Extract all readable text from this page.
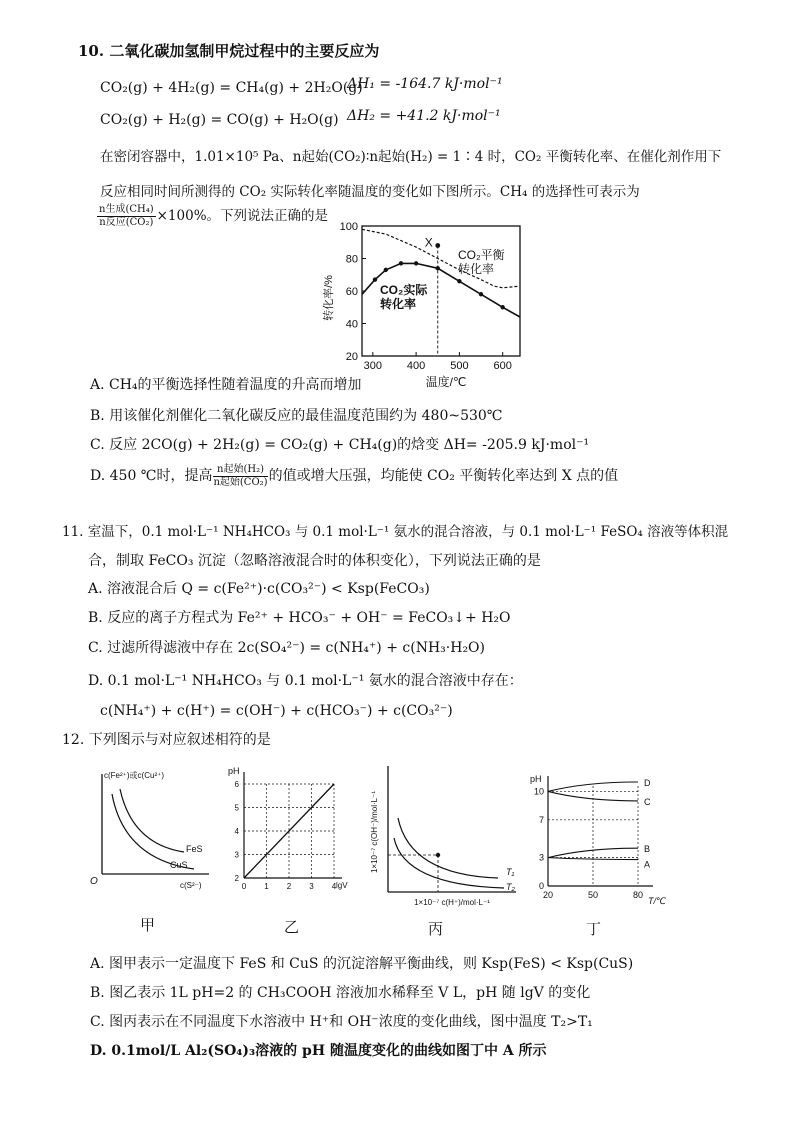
10. 二氧化碳加氢制甲烷过程中的主要反应为
CO₂(g) + 4H₂(g) = CH₄(g) + 2H₂O(g)
ΔH₁ = -164.7 kJ·mol⁻¹
CO₂(g) + H₂(g) = CO(g) + H₂O(g) ΔH₂ = +41.2 kJ·mol⁻¹
在密闭容器中，1.01×10⁵ Pa、n起始(CO₂)∶n起始(H₂) = 1∶4 时，CO₂ 平衡转化率、在催化剂作用下
反应相同时间所测得的 CO₂ 实际转化率随温度的变化如下图所示。CH₄ 的选择性可表示为
n生成(CH₄)
n反应(CO₂) ×100%。下列说法正确的是
20
40
60
80
100
300 400 500 600
X
转化率/%
温度/℃
CO₂平衡
转化率
CO₂实际
转化率
A. CH₄的平衡选择性随着温度的升高而增加
B. 用该催化剂催化二氧化碳反应的最佳温度范围约为 480~530℃
C. 反应 2CO(g) + 2H₂(g) = CO₂(g) + CH₄(g)的焓变 ΔH= -205.9 kJ·mol⁻¹
D. 450 ℃时，提高 n起始(H₂)
n起始(CO₂) 的值或增大压强，均能使 CO₂ 平衡转化率达到 X 点的值
11. 室温下，0.1 mol·L⁻¹ NH₄HCO₃ 与 0.1 mol·L⁻¹ 氨水的混合溶液，与 0.1 mol·L⁻¹ FeSO₄ 溶液等体积混
合，制取 FeCO₃ 沉淀（忽略溶液混合时的体积变化），下列说法正确的是
A. 溶液混合后 Q = c(Fe²⁺)·c(CO₃²⁻) < Ksp(FeCO₃)
B. 反应的离子方程式为 Fe²⁺ + HCO₃⁻ + OH⁻ = FeCO₃↓+ H₂O
C. 过滤所得滤液中存在 2c(SO₄²⁻) = c(NH₄⁺) + c(NH₃·H₂O)
D. 0.1 mol·L⁻¹ NH₄HCO₃ 与 0.1 mol·L⁻¹ 氨水的混合溶液中存在：
c(NH₄⁺) + c(H⁺) = c(OH⁻) + c(HCO₃⁻) + c(CO₃²⁻)
12. 下列图示与对应叙述相符的是
c(Fe²⁺)或c(Cu²⁺)
c(S²⁻)
O
FeS
CuS
0 1 2 3 4
2
3
4
5
6
pH
lgV
1×10⁻⁷ c(OH⁻)/mol·L⁻¹
1×10⁻⁷ c(H⁺)/mol·L⁻¹
T₁
T₂
20	50	80
0
3
7
10
D
C
B
A
pH
T/℃
甲	乙	丙	丁
A. 图甲表示一定温度下 FeS 和 CuS 的沉淀溶解平衡曲线，则 Ksp(FeS) < Ksp(CuS)
B. 图乙表示 1L pH=2 的 CH₃COOH 溶液加水稀释至 V L，pH 随 lgV 的变化
C. 图丙表示在不同温度下水溶液中 H⁺和 OH⁻浓度的变化曲线，图中温度 T₂>T₁
D. 0.1mol/L Al₂(SO₄)₃溶液的 pH 随温度变化的曲线如图丁中 A 所示
